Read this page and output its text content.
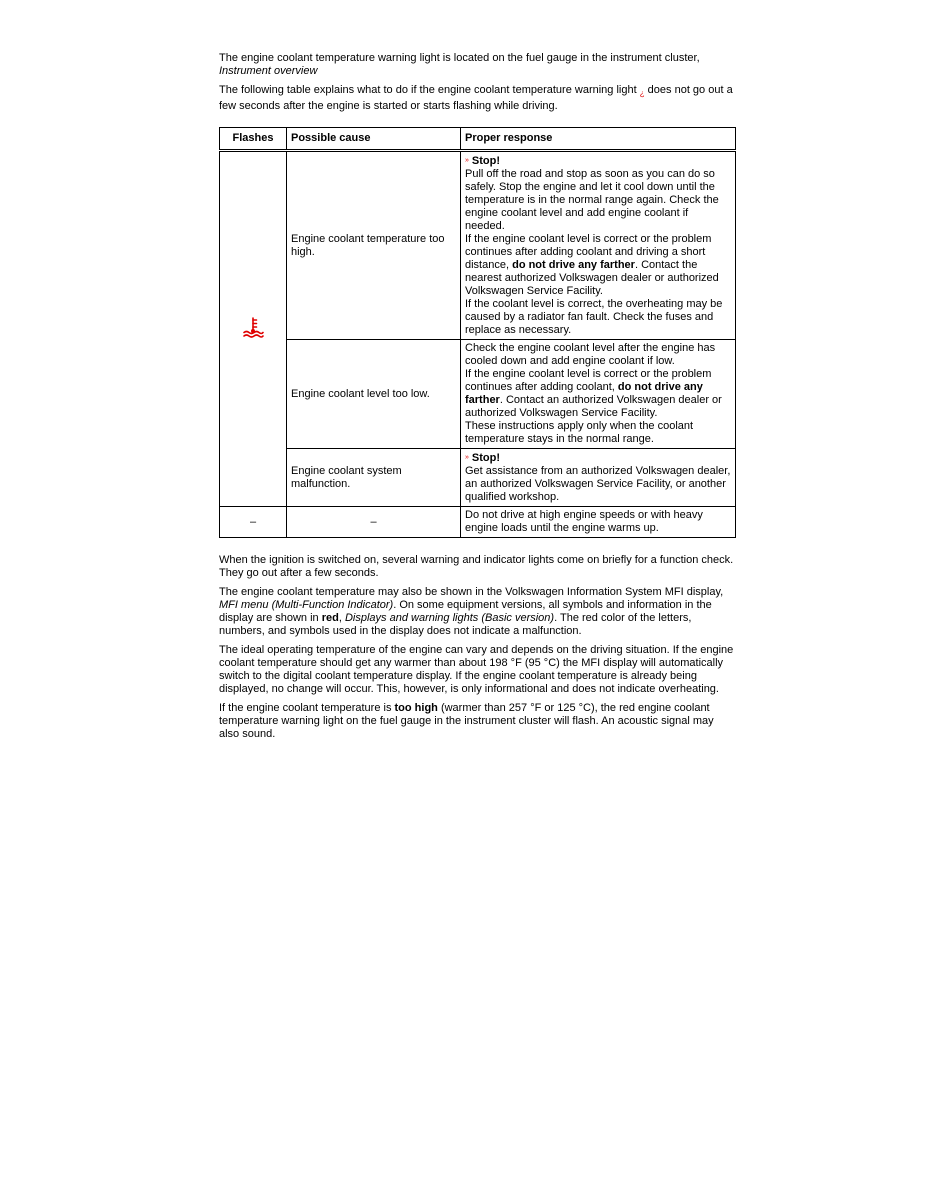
The engine coolant temperature warning light is located on the fuel gauge in the instrument cluster,
Instrument overview

The following table explains what to do if the engine coolant temperature warning light $_¿$ does not go out a few seconds after the engine is started or starts flashing while driving.

Flashes	Possible cause	Proper response
	Engine coolant temperature too high.	» Stop!
Pull off the road and stop as soon as you can do so safely. Stop the engine and let it cool down until the temperature is in the normal range again. Check the engine coolant level and add engine coolant if needed.
If the engine coolant level is correct or the problem continues after adding coolant and driving a short distance, do not drive any farther. Contact the nearest authorized Volkswagen dealer or authorized Volkswagen Service Facility.
If the coolant level is correct, the overheating may be caused by a radiator fan fault. Check the fuses and replace as necessary.
	Engine coolant level too low.	Check the engine coolant level after the engine has cooled down and add engine coolant if low.
If the engine coolant level is correct or the problem continues after adding coolant, do not drive any farther. Contact an authorized Volkswagen dealer or authorized Volkswagen Service Facility.
These instructions apply only when the coolant temperature stays in the normal range.
	Engine coolant system malfunction.	» Stop!
Get assistance from an authorized Volkswagen dealer, an authorized Volkswagen Service Facility, or another qualified workshop.
–	–	Do not drive at high engine speeds or with heavy engine loads until the engine warms up.

When the ignition is switched on, several warning and indicator lights come on briefly for a function check. They go out after a few seconds.

The engine coolant temperature may also be shown in the Volkswagen Information System MFI display, MFI menu (Multi-Function Indicator). On some equipment versions, all symbols and information in the display are shown in red, Displays and warning lights (Basic version). The red color of the letters, numbers, and symbols used in the display does not indicate a malfunction.

The ideal operating temperature of the engine can vary and depends on the driving situation. If the engine coolant temperature should get any warmer than about 198 °F (95 °C) the MFI display will automatically switch to the digital coolant temperature display. If the engine coolant temperature is already being displayed, no change will occur. This, however, is only informational and does not indicate overheating.

If the engine coolant temperature is too high (warmer than 257 °F or 125 °C), the red engine coolant temperature warning light on the fuel gauge in the instrument cluster will flash. An acoustic signal may also sound.
